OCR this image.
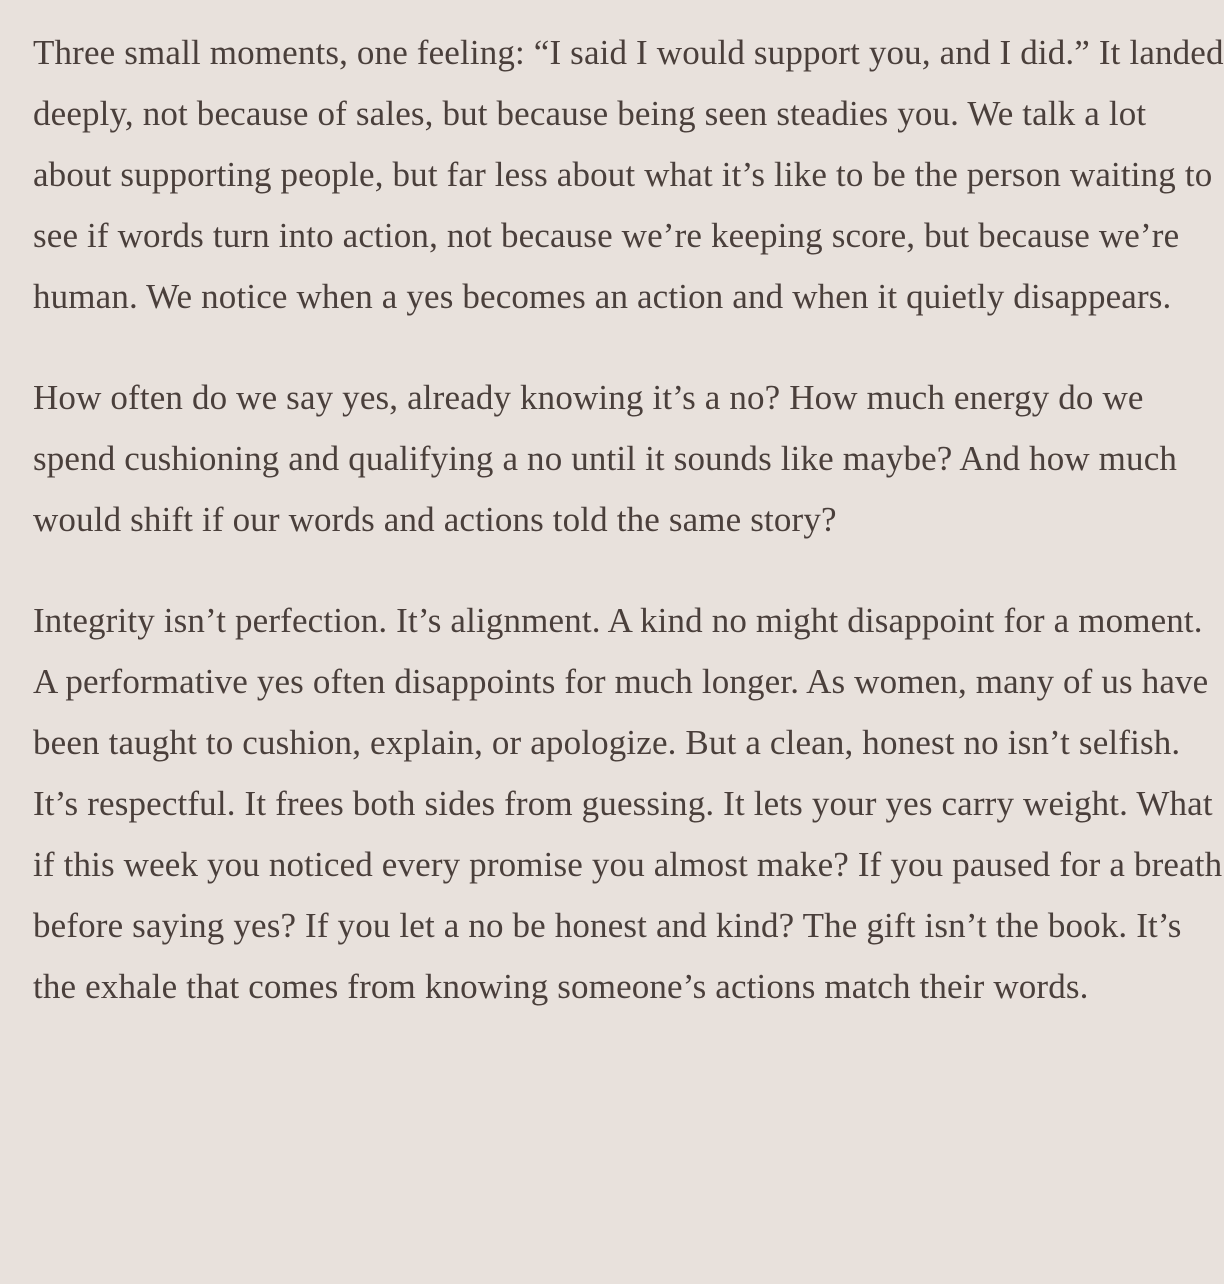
Three small moments, one feeling: “I said I would support you, and I did.” It landed deeply, not because of sales, but because being seen steadies you. We talk a lot about supporting people, but far less about what it’s like to be the person waiting to see if words turn into action, not because we’re keeping score, but because we’re human. We notice when a yes becomes an action and when it quietly disappears.

How often do we say yes, already knowing it’s a no? How much energy do we spend cushioning and qualifying a no until it sounds like maybe? And how much would shift if our words and actions told the same story?

Integrity isn’t perfection. It’s alignment. A kind no might disappoint for a moment. A performative yes often disappoints for much longer. As women, many of us have been taught to cushion, explain, or apologize. But a clean, honest no isn’t selfish. It’s respectful. It frees both sides from guessing. It lets your yes carry weight. What if this week you noticed every promise you almost make? If you paused for a breath before saying yes? If you let a no be honest and kind? The gift isn’t the book. It’s the exhale that comes from knowing someone’s actions match their words.
